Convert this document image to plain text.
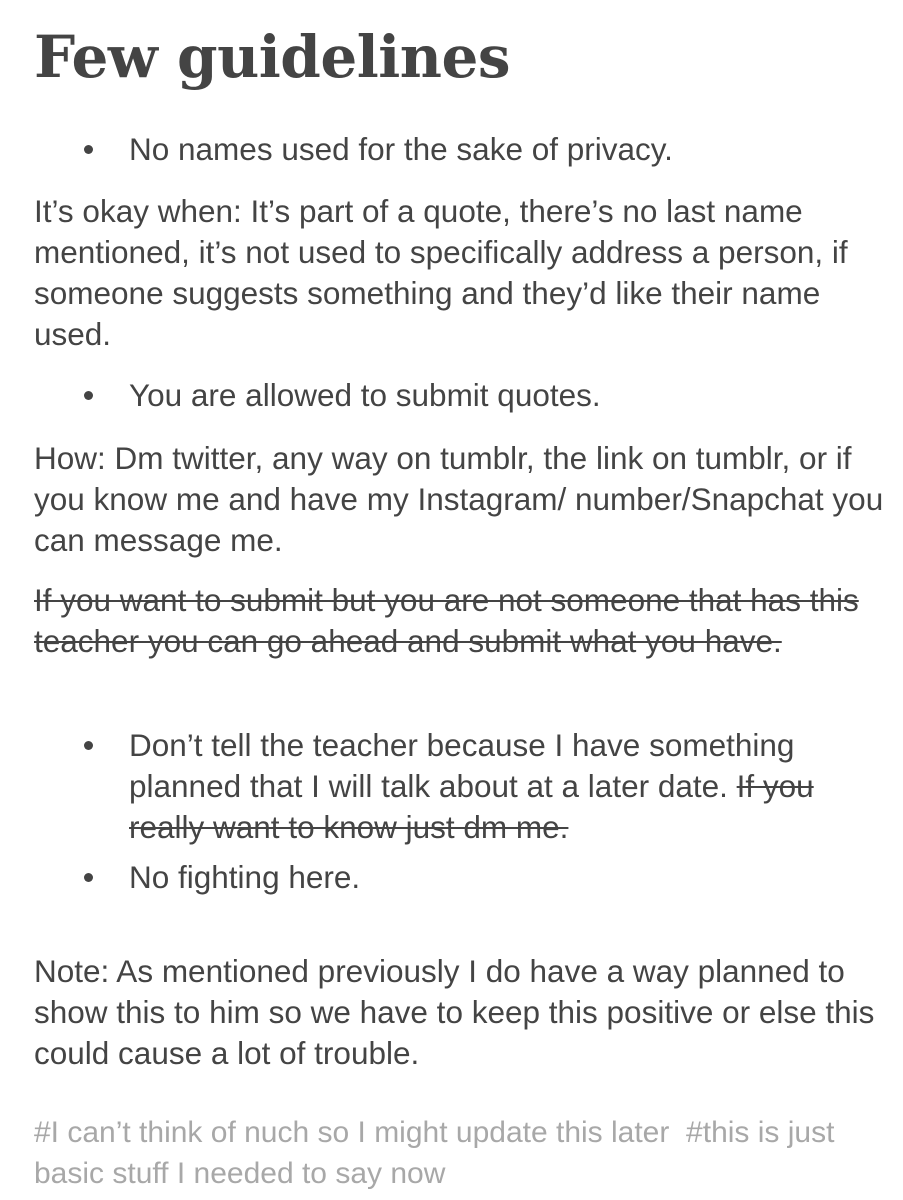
Few guidelines
No names used for the sake of privacy.

It’s okay when: It’s part of a quote, there’s no last name mentioned, it’s not used to specifically address a person, if someone suggests something and they’d like their name used.

You are allowed to submit quotes.

How: Dm twitter, any way on tumblr, the link on tumblr, or if you know me and have my Instagram/ number/Snapchat you can message me.

If you want to submit but you are not someone that has this teacher you can go ahead and submit what you have.

Don’t tell the teacher because I have something planned that I will talk about at a later date. If you really want to know just dm me.
No fighting here.

Note: As mentioned previously I do have a way planned to show this to him so we have to keep this positive or else this could cause a lot of trouble.

#I can’t think of nuch so I might update this later #this is just basic stuff I needed to say now
